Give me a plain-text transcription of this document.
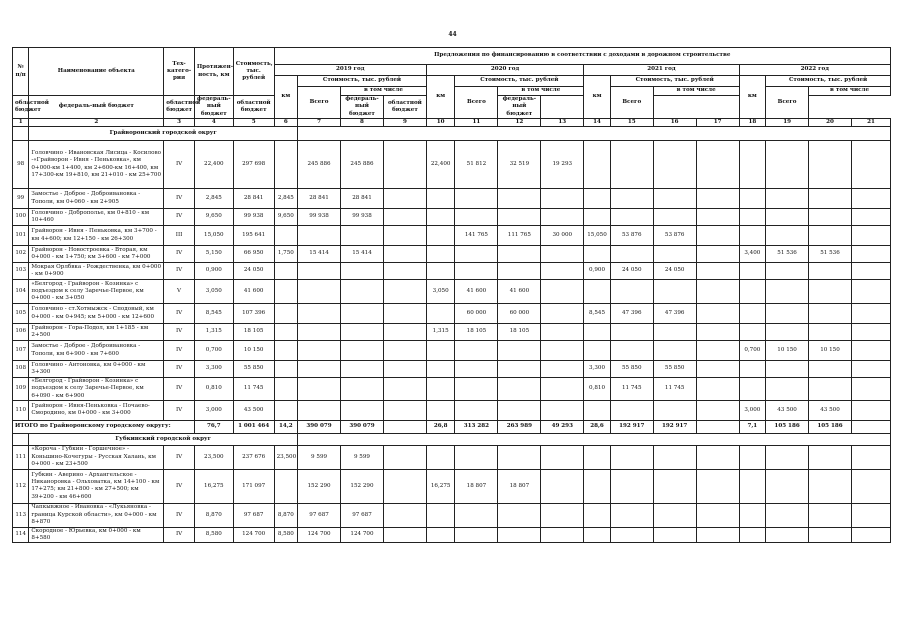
44
№ п/п	Наименование объекта	Тех-катего-рия	Протяжен-ность, км	Стоимость, тыс. рублей	Предложения по финансированию в соответствии с доходами в дорожном строительстве															
					2019 год				2020 год				2021 год				2022 год			
					км	Стоимость, тыс. рублей			км	Стоимость, тыс. рублей			км	Стоимость, тыс. рублей			км	Стоимость, тыс. рублей		
						Всего	в том числе			Всего	в том числе			Всего	в том числе			Всего	в том числе	
областной бюджет	федераль-ный бюджет	областной бюджет	федераль-ный бюджет	областной бюджет			федераль-ный бюджет	областной бюджет			федераль-ный бюджет									
1	2	3	4	5	6	7	8	9	10	11	12	13	14	15	16	17	18	19	20	21
	Грайворонский городской округ																			
98	Головчино - Ивановская Лисица - Косилово -«Грайворон - Ивня - Пеньковка», км 0+000-км 1+400, км 2+600-км 16+400, км 17+300-км 19+810, км 21+010 - км 25+700	IV	22,400	297 698		245 886	245 886		22,400	51 812	32 519	19 293								
99	Замостье - Доброе - Доброивановка - Тополи, км 0+060 - км 2+905	IV	2,845	28 841	2,845	28 841	28 841													
100	Головчино - Доброполье, км 0+810 - км 10+460	IV	9,650	99 938	9,650	99 938	99 938													
101	Грайворон - Ивня - Пеньковка, км 3+700 - км 4+600; км 12+150 - км 26+300	III	15,050	195 641						141 765	111 765	30 000	15,050	53 876	53 876					
102	Грайворон - Новостроевка - Вторая, км 0+000 - км 1+750; км 3+600 - км 7+000	IV	5,150	66 950	1,750	15 414	15 414										3,400	51 536	51 536	
103	Мокрая Орлбвка - Рождественка, км 0+000 - км 0+900	IV	0,900	24 050									0,900	24 050	24 050					
104	«Белгород - Грайворон - Козинка» с подъездом к селу Заречье-Первое, км 0+000 - км 3+050	V	3,050	41 600					3,050	41 600	41 600									
105	Головчино - ст.Хотмыжск - Сподовый, км 0+000 - км 0+945; км 5+000 - км 12+600	IV	8,545	107 396						60 000	60 000		8,545	47 396	47 396					
106	Грайворон - Гора-Подол, км 1+185 - км 2+500	IV	1,315	18 105					1,315	18 105	18 105									
107	Замостье - Доброе - Доброивановка - Тополи, км 6+900 - км 7+600	IV	0,700	10 150													0,700	10 150	10 150	
108	Головчино - Антоновка, км 0+000 - км 3+300	IV	3,300	55 850									3,300	55 850	55 850					
109	«Белгород - Грайворон - Козинка» с подъездом к селу Заречье-Первое, км 6+090 - км 6+900	IV	0,810	11 745									0,810	11 745	11 745					
110	Грайворон - Ивня-Пеньковка - Почаево-Смородино, км 0+000 - км 3+000	IV	3,000	43 500													3,000	43 500	43 500	
ИТОГО по Грайворонскому городскому округу:			76,7	1 001 464	14,2	390 079	390 079		26,8	313 282	263 989	49 293	28,6	192 917	192 917		7,1	105 186	105 186	
	Губкинский городской округ																			
111	«Короча - Губкин - Горшечное» - Коньшино-Кочегуры - Русская Халань, км 0+000 - км 23+500	IV	23,500	237 676	23,500	9 599	9 599													
112	Губкин - Аверино - Архангельское - Никаноровка - Ольховатка, км 14+100 - км 17+275; км 21+800 - км 27+500; км 39+200 - км 46+600	IV	16,275	171 097		152 290	152 290		16,275	18 807	18 807									
113	Чапкывжное - Ивановка - «Лукьяновка - граница Курской области», км 0+000 - км 8+870	IV	8,870	97 687	8,870	97 687	97 687													
114	Скородное - Юрьевка, км 0+000 - км 8+580	IV	8,580	124 700	8,580	124 700	124 700													
